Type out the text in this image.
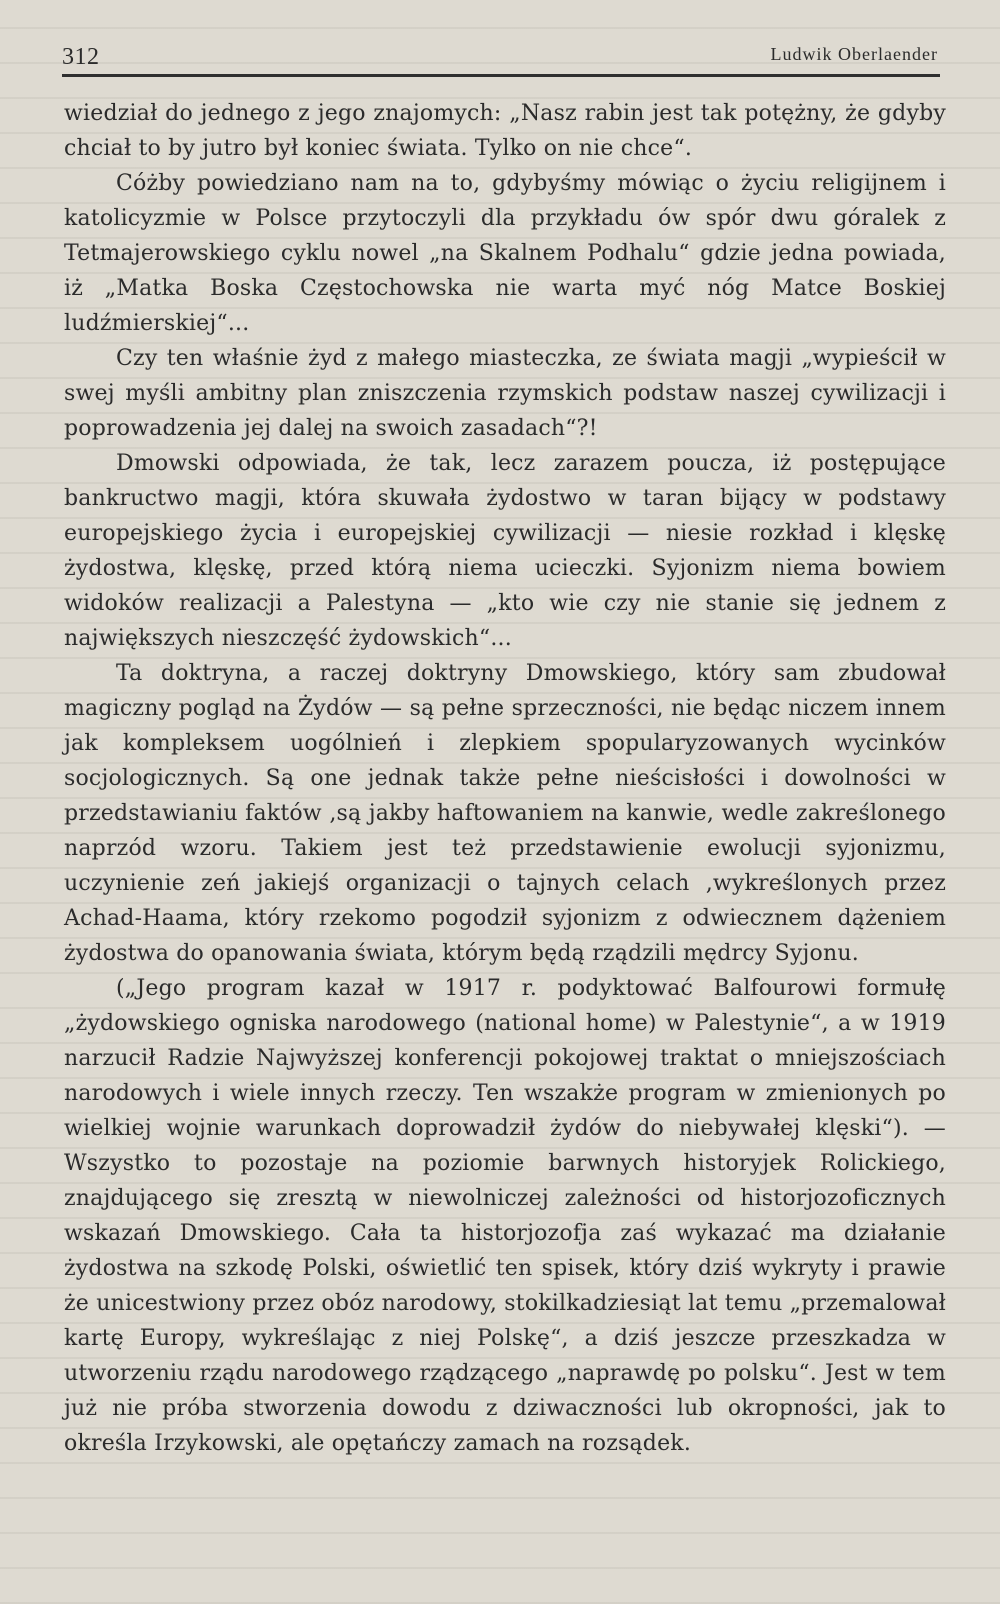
312	Ludwik Oberlaender

wiedział do jednego z jego znajomych: „Nasz rabin jest tak potężny, że gdyby chciał to by jutro był koniec świata. Tylko on nie chce“.

Cóżby powiedziano nam na to, gdybyśmy mówiąc o życiu religijnem i katolicyzmie w Polsce przytoczyli dla przykładu ów spór dwu góralek z Tetmajerowskiego cyklu nowel „na Skalnem Podhalu“ gdzie jedna powiada, iż „Matka Boska Częstochowska nie warta myć nóg Matce Boskiej ludźmierskiej“...

Czy ten właśnie żyd z małego miasteczka, ze świata magji „wypieścił w swej myśli ambitny plan zniszczenia rzymskich podstaw naszej cywilizacji i poprowadzenia jej dalej na swoich zasadach“?!

Dmowski odpowiada, że tak, lecz zarazem poucza, iż postępujące bankructwo magji, która skuwała żydostwo w taran bijący w podstawy europejskiego życia i europejskiej cywilizacji — niesie rozkład i klęskę żydostwa, klęskę, przed którą niema ucieczki. Syjonizm niema bowiem widoków realizacji a Palestyna — „kto wie czy nie stanie się jednem z największych nieszczęść żydowskich“...

Ta doktryna, a raczej doktryny Dmowskiego, który sam zbudował magiczny pogląd na Żydów — są pełne sprzeczności, nie będąc niczem innem jak kompleksem uogólnień i zlepkiem spopularyzowanych wycinków socjologicznych. Są one jednak także pełne nieścisłości i dowolności w przedstawianiu faktów ‚są jakby haftowaniem na kanwie, wedle zakreślonego naprzód wzoru. Takiem jest też przedstawienie ewolucji syjonizmu, uczynienie zeń jakiejś organizacji o tajnych celach ‚wykreślonych przez Achad-Haama, który rzekomo pogodził syjonizm z odwiecznem dążeniem żydostwa do opanowania świata, którym będą rządzili mędrcy Syjonu.

(„Jego program kazał w 1917 r. podyktować Balfourowi formułę „żydowskiego ogniska narodowego (national home) w Palestynie“, a w 1919 narzucił Radzie Najwyższej konferencji pokojowej traktat o mniejszościach narodowych i wiele innych rzeczy. Ten wszakże program w zmienionych po wielkiej wojnie warunkach doprowadził żydów do niebywałej klęski“). — Wszystko to pozostaje na poziomie barwnych historyjek Rolickiego, znajdującego się zresztą w niewolniczej zależności od historjozoficznych wskazań Dmowskiego. Cała ta historjozofja zaś wykazać ma działanie żydostwa na szkodę Polski, oświetlić ten spisek, który dziś wykryty i prawie że unicestwiony przez obóz narodowy, stokilkadziesiąt lat temu „przemalował kartę Europy, wykreślając z niej Polskę“, a dziś jeszcze przeszkadza w utworzeniu rządu narodowego rządzącego „naprawdę po polsku“. Jest w tem już nie próba stworzenia dowodu z dziwaczności lub okropności, jak to określa Irzykowski, ale opętańczy zamach na rozsądek.
